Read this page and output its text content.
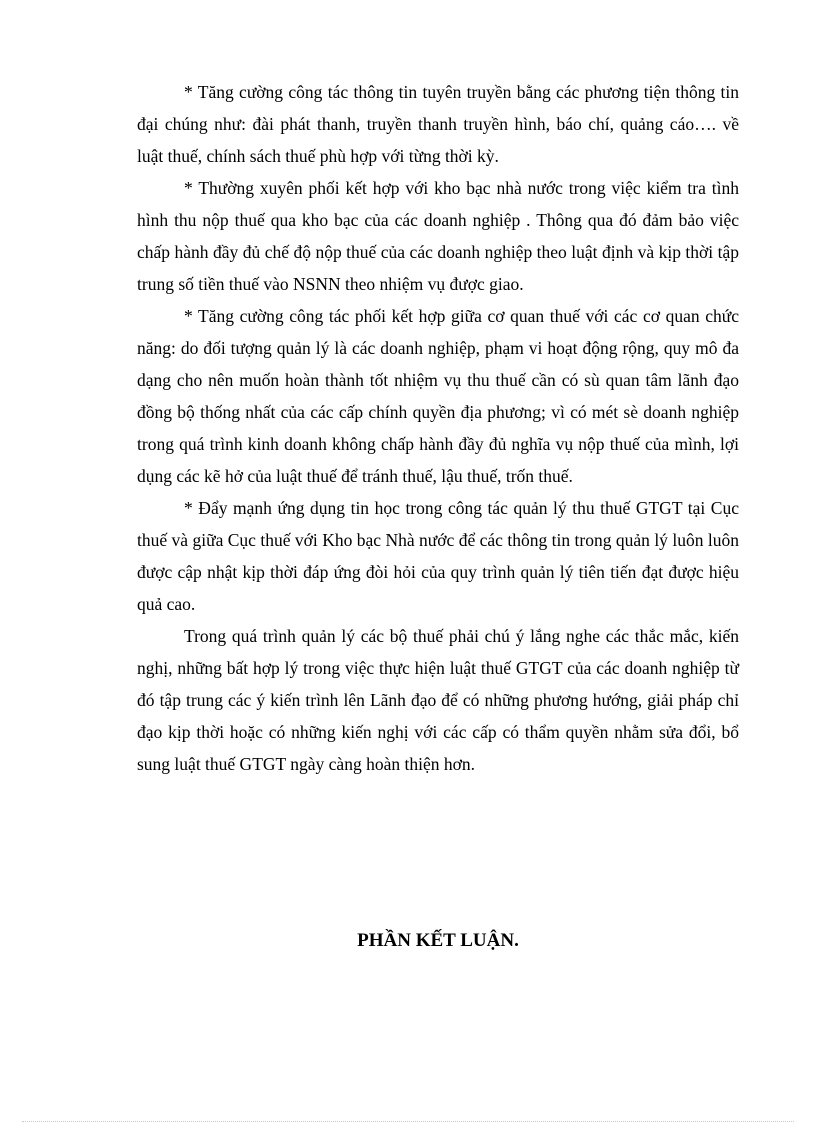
* Tăng cường công tác thông tin tuyên truyền bằng các phương tiện thông tin đại chúng như: đài phát thanh, truyền thanh truyền hình, báo chí, quảng cáo…. về luật thuế, chính sách thuế phù hợp với từng thời kỳ.

* Thường xuyên phối kết hợp với kho bạc nhà nước trong việc kiểm tra tình hình thu nộp thuế qua kho bạc của các doanh nghiệp . Thông qua đó đảm bảo việc chấp hành đầy đủ chế độ nộp thuế của các doanh nghiệp theo luật định và kịp thời tập trung số tiền thuế vào NSNN theo nhiệm vụ được giao.

* Tăng cường công tác phối kết hợp giữa cơ quan thuế với các cơ quan chức năng: do đối tượng quản lý là các doanh nghiệp, phạm vi hoạt động rộng, quy mô đa dạng cho nên muốn hoàn thành tốt nhiệm vụ thu thuế cần có sù quan tâm lãnh đạo đồng bộ thống nhất của các cấp chính quyền địa phương; vì có mét sè doanh nghiệp trong quá trình kinh doanh không chấp hành đầy đủ nghĩa vụ nộp thuế của mình, lợi dụng các kẽ hở của luật thuế để tránh thuế, lậu thuế, trốn thuế.

* Đẩy mạnh ứng dụng tin học trong công tác quản lý thu thuế GTGT tại Cục thuế và giữa Cục thuế với Kho bạc Nhà nước để các thông tin trong quản lý luôn luôn được cập nhật kịp thời đáp ứng đòi hỏi của quy trình quản lý tiên tiến đạt được hiệu quả cao.

Trong quá trình quản lý các bộ thuế phải chú ý lắng nghe các thắc mắc, kiến nghị, những bất hợp lý trong việc thực hiện luật thuế GTGT của các doanh nghiệp từ đó tập trung các ý kiến trình lên Lãnh đạo để có những phương hướng, giải pháp chỉ đạo kịp thời hoặc có những kiến nghị với các cấp có thẩm quyền nhằm sửa đổi, bổ sung luật thuế GTGT ngày càng hoàn thiện hơn.

PHẦN KẾT LUẬN.
